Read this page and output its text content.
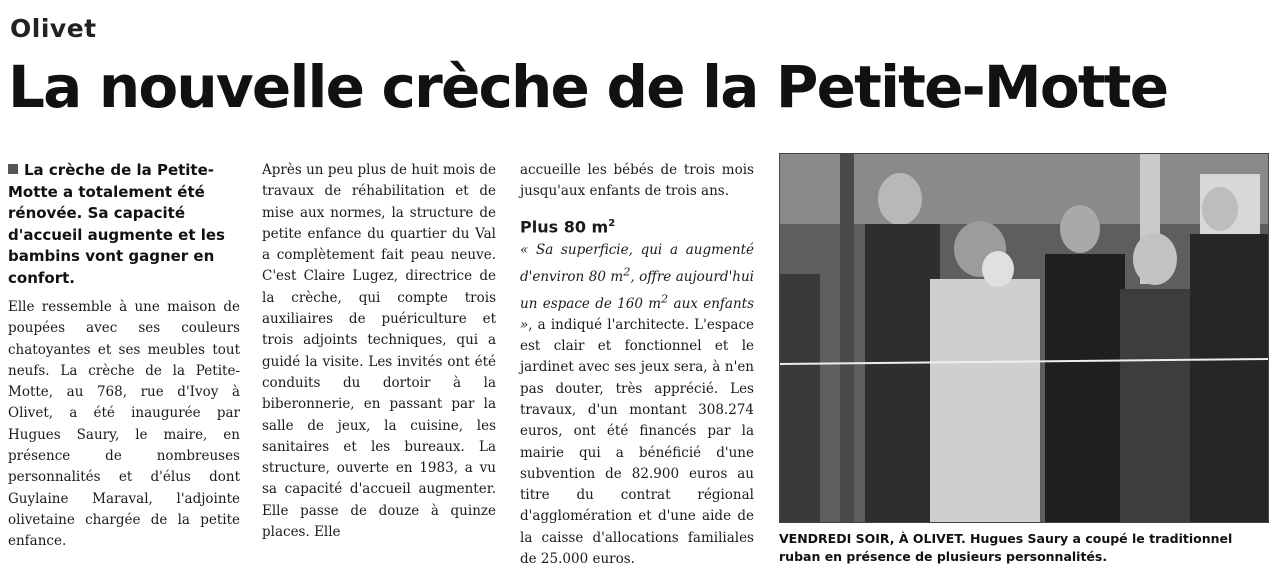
Olivet
La nouvelle crèche de la Petite-Motte

La crèche de la Petite-Motte a totalement été rénovée. Sa capacité d'accueil augmente et les bambins vont gagner en confort.

Elle ressemble à une maison de poupées avec ses couleurs chatoyantes et ses meubles tout neufs. La crèche de la Petite-Motte, au 768, rue d'Ivoy à Olivet, a été inaugurée par Hugues Saury, le maire, en présence de nombreuses personnalités et d'élus dont Guylaine Maraval, l'adjointe olivetaine chargée de la petite enfance.

Après un peu plus de huit mois de travaux de réhabilitation et de mise aux normes, la structure de petite enfance du quartier du Val a complètement fait peau neuve. C'est Claire Lugez, directrice de la crèche, qui compte trois auxiliaires de puériculture et trois adjoints techniques, qui a guidé la visite. Les invités ont été conduits du dortoir à la biberonnerie, en passant par la salle de jeux, la cuisine, les sanitaires et les bureaux. La structure, ouverte en 1983, a vu sa capacité d'accueil augmenter. Elle passe de douze à quinze places. Elle

accueille les bébés de trois mois jusqu'aux enfants de trois ans.

Plus 80 $m^2$

« Sa superficie, qui a augmenté d'environ 80 $m^2$, offre aujourd'hui un espace de 160 $m^2$ aux enfants », a indiqué l'architecte. L'espace est clair et fonctionnel et le jardinet avec ses jeux sera, à n'en pas douter, très apprécié. Les travaux, d'un montant 308.274 euros, ont été financés par la mairie qui a bénéficié d'une subvention de 82.900 euros au titre du contrat régional d'agglomération et d'une aide de la caisse d'allocations familiales de 25.000 euros.

VENDREDI SOIR, À OLIVET. Hugues Saury a coupé le traditionnel ruban en présence de plusieurs personnalités.
